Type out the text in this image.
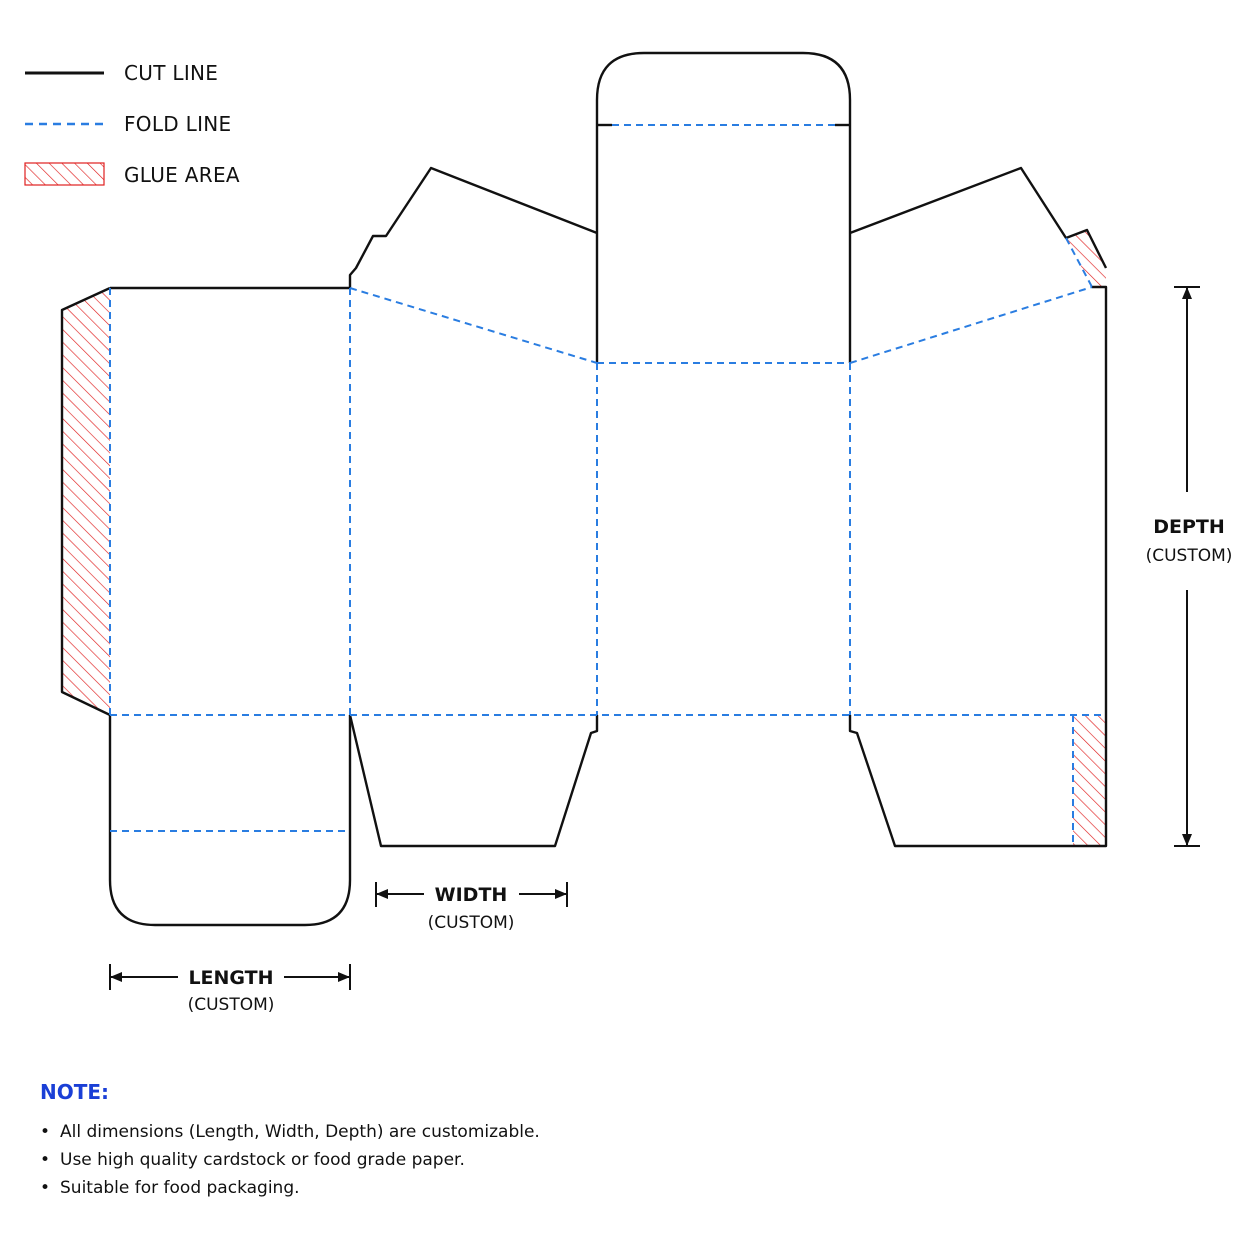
CUT LINE
FOLD LINE
GLUE AREA
LENGTH
(CUSTOM)
WIDTH
(CUSTOM)
DEPTH
(CUSTOM)
NOTE:
• All dimensions (Length, Width, Depth) are customizable.
• Use high quality cardstock or food grade paper.
• Suitable for food packaging.
